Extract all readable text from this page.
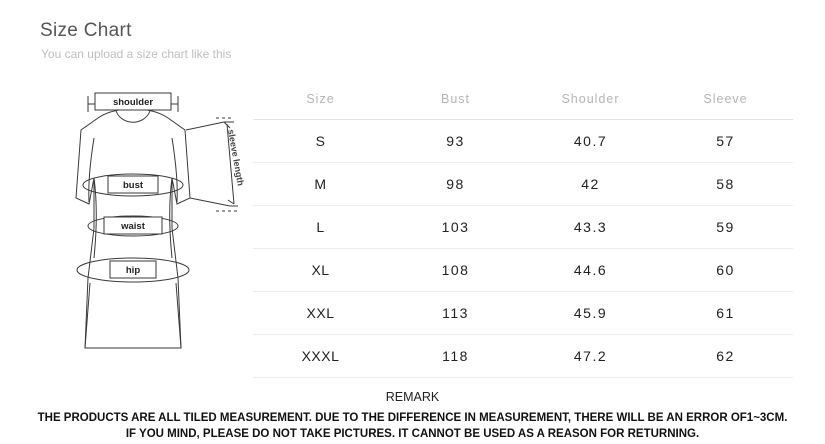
Size Chart
You can upload a size chart like this
shoulder
bust
waist
hip
sleeve length
Size	Bust	Shoulder	Sleeve
S	93	40.7	57
M	98	42	58
L	103	43.3	59
XL	108	44.6	60
XXL	113	45.9	61
XXXL	118	47.2	62
REMARK
THE PRODUCTS ARE ALL TILED MEASUREMENT. DUE TO THE DIFFERENCE IN MEASUREMENT, THERE WILL BE AN ERROR OF1~3CM.
IF YOU MIND, PLEASE DO NOT TAKE PICTURES. IT CANNOT BE USED AS A REASON FOR RETURNING.
